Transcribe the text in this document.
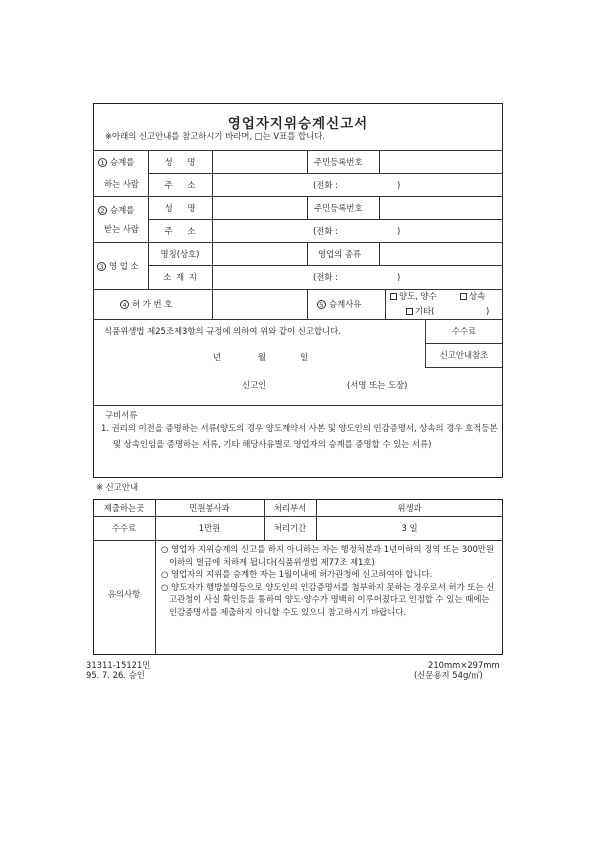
영업자지위승계신고서
※아래의 신고안내를 참고하시기 바라며, □는 V표를 합니다.
1 승계를
하는 사람
성 명	주민등록번호
주 소	(전화 :	)
2 승계를
받는 사람
성 명	주민등록번호
주 소	(전화 :	)
3 영 업 소
명칭(상호)	영업의 종류
소 재 지	(전화 :	)
4 허 가 번 호	5 승계사유
양도, 양수	상속
기타(	)
식품위생법 제25조제3항의 규정에 의하여 위와 같이 신고합니다.
년	월	일
신고인	(서명 또는 도장)
수수료
신고안내참조
구비서류
1. 권리의 이전을 증명하는 서류(양도의 경우 양도계약서 사본 및 양도인의 인감증명서, 상속의 경우 호적등본 및 상속인임을 증명하는 서류, 기타 해당사유별로 영업자의 승계를 증명할 수 있는 서류)
※ 신고안내
제출하는곳	민원봉사과	처리부서	위생과
수수료	1만원	처리기간	3 일
유의사항
○ 영업자 지위승계의 신고를 하지 아니하는 자는 행정처분과 1년이하의 징역 또는 300만원이하의 벌금에 처하게 됩니다(식품위생법 제77조 제1호)
○ 영업자의 지위를 승계한 자는 1월이내에 허가관청에 신고하여야 합니다.
○ 양도자가 행방불명등으로 양도인의 인감증명서를 첨부하지 못하는 경우로서 허가 또는 신고관청이 사실 확인등을 통하여 양도·양수가 명백히 이루어졌다고 인정할 수 있는 때에는 인감증명서를 제출하지 아니할 수도 있으니 참고하시기 바랍니다.
31311-15121민
95. 7. 26. 승인
210mm×297mm
(신문용지 54g/㎡)
